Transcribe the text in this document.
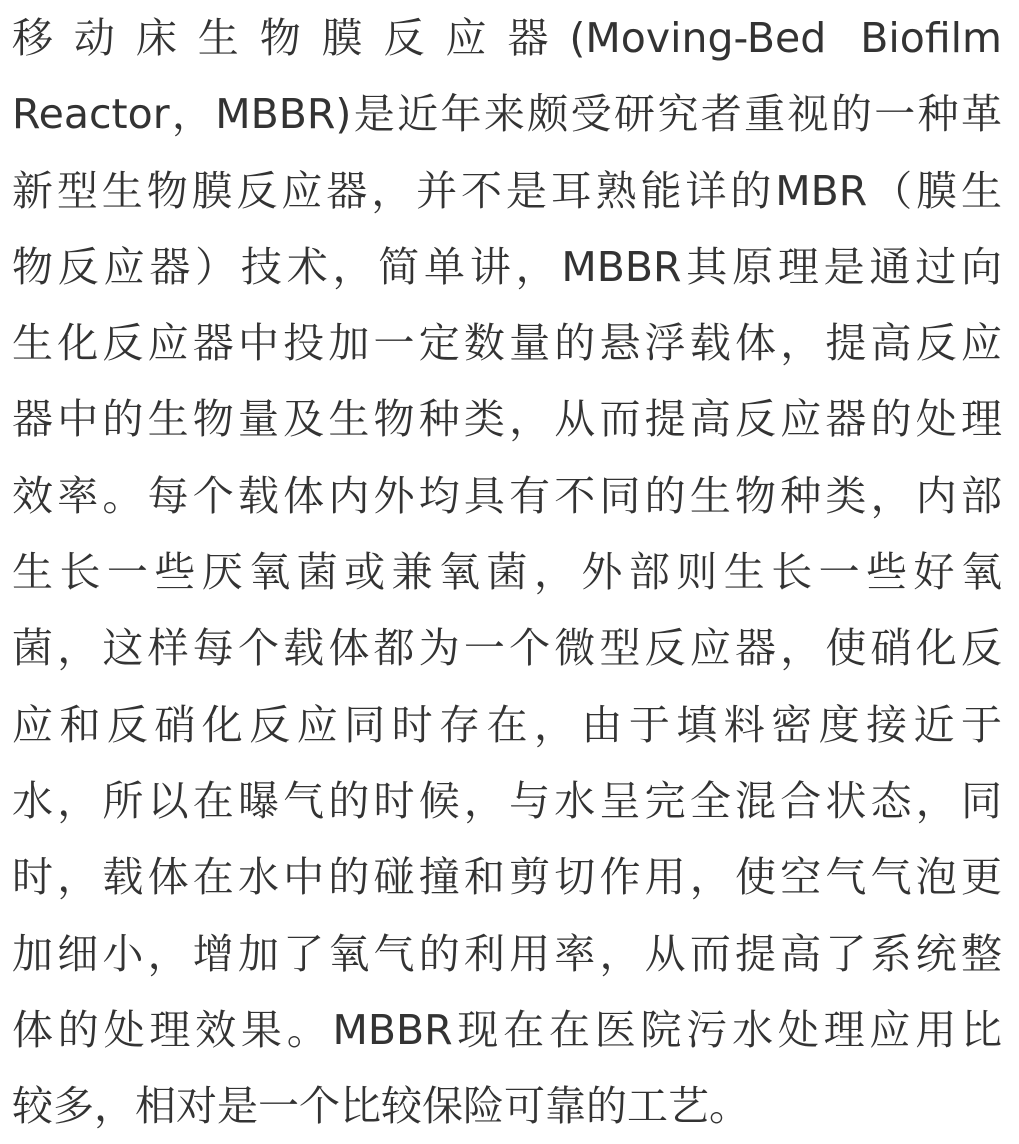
移动床生物膜反应器(Moving-Bed Biofilm
Reactor，MBBR)是近年来颇受研究者重视的一种革
新型生物膜反应器，并不是耳熟能详的MBR（膜生
物反应器）技术，简单讲，MBBR其原理是通过向
生化反应器中投加一定数量的悬浮载体，提高反应
器中的生物量及生物种类，从而提高反应器的处理
效率。每个载体内外均具有不同的生物种类，内部
生长一些厌氧菌或兼氧菌，外部则生长一些好氧
菌，这样每个载体都为一个微型反应器，使硝化反
应和反硝化反应同时存在，由于填料密度接近于
水，所以在曝气的时候，与水呈完全混合状态，同
时，载体在水中的碰撞和剪切作用，使空气气泡更
加细小，增加了氧气的利用率，从而提高了系统整
体的处理效果。MBBR现在在医院污水处理应用比
较多，相对是一个比较保险可靠的工艺。
